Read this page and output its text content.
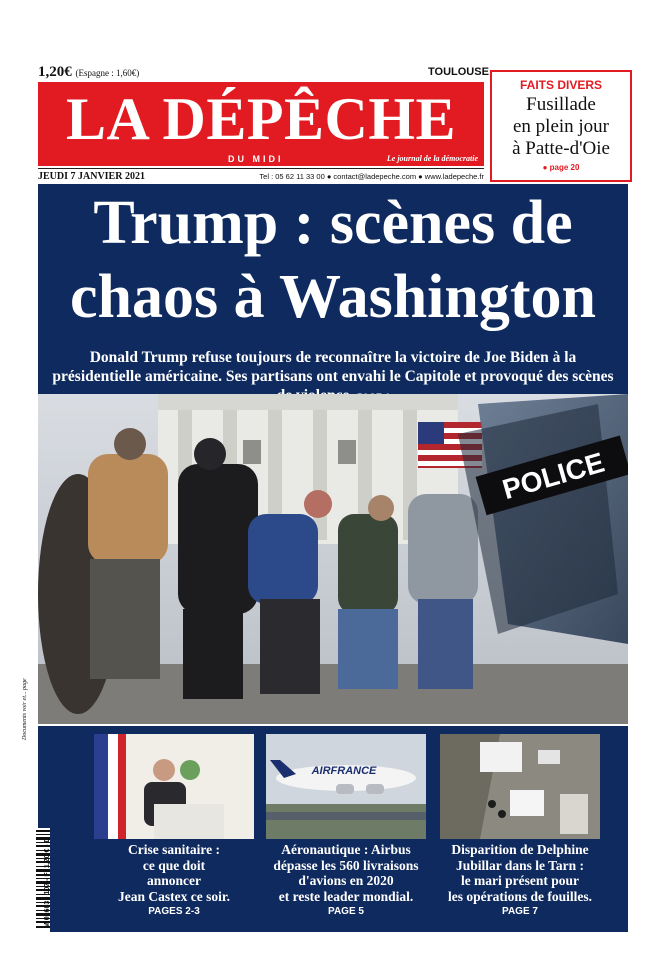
1,20€ (Espagne : 1,60€)	TOULOUSE
LA DÉPÊCHE
DU MIDI	Le journal de la démocratie
JEUDI 7 JANVIER 2021	Tel : 05 62 11 33 00 ● contact@ladepeche.com ● www.ladepeche.fr
FAITS DIVERS
Fusillade
en plein jour
à Patte-d'Oie
● page 20
Trump : scènes de
chaos à Washington
Donald Trump refuse toujours de reconnaître la victoire de Joe Biden à la présidentielle américaine. Ses partisans ont envahi le Capitole et provoqué des scènes
POLICE
Crise sanitaire :
ce que doit
annoncer
Jean Castex ce soir.
PAGES 2-3
AIRFRANCE
Aéronautique : Airbus
dépasse les 560 livraisons
d'avions en 2020
et reste leader mondial.
PAGE 5
Disparition de Delphine
Jubillar dans le Tarn :
le mari présent pour
les opérations de fouilles.
PAGE 7
Documents voir et... page
M 02603 - 107 - F: 1,20 € - D
